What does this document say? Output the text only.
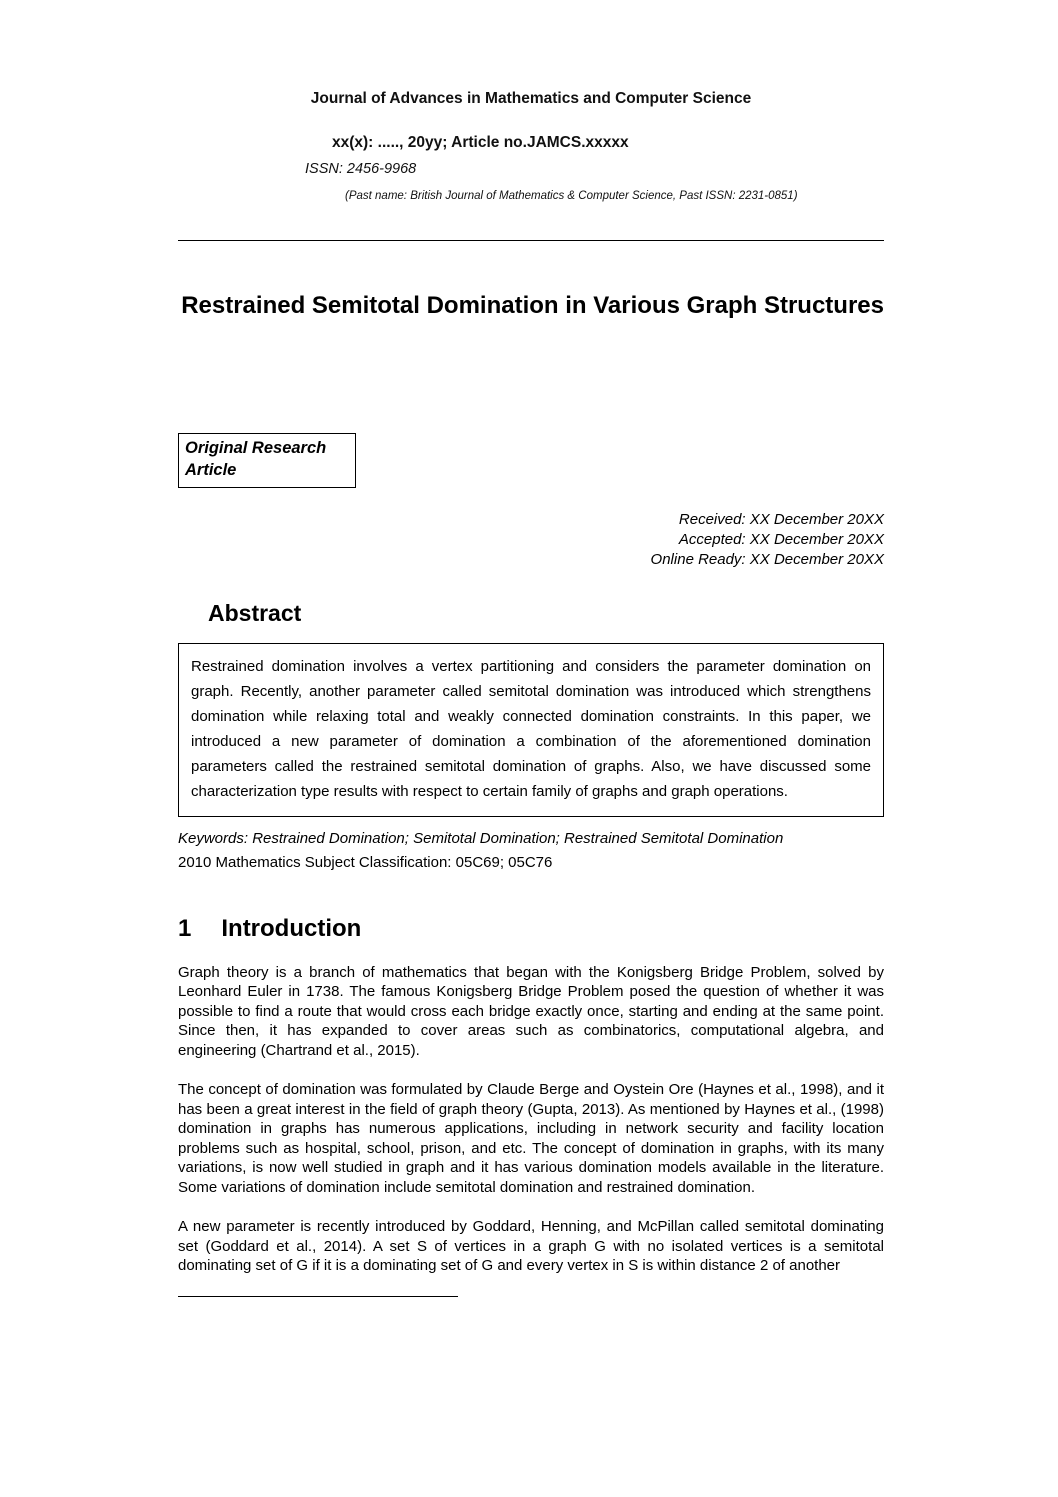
Journal of Advances in Mathematics and Computer Science
xx(x): ....., 20yy; Article no.JAMCS.xxxxx
ISSN: 2456-9968
(Past name: British Journal of Mathematics & Computer Science, Past ISSN: 2231-0851)
Restrained Semitotal Domination in Various Graph Structures
Original Research Article
Received: XX December 20XX
Accepted: XX December 20XX
Online Ready: XX December 20XX
Abstract
Restrained domination involves a vertex partitioning and considers the parameter domination on graph. Recently, another parameter called semitotal domination was introduced which strengthens domination while relaxing total and weakly connected domination constraints. In this paper, we introduced a new parameter of domination a combination of the aforementioned domination parameters called the restrained semitotal domination of graphs. Also, we have discussed some characterization type results with respect to certain family of graphs and graph operations.
Keywords: Restrained Domination; Semitotal Domination; Restrained Semitotal Domination
2010 Mathematics Subject Classification: 05C69; 05C76
1 Introduction

Graph theory is a branch of mathematics that began with the Konigsberg Bridge Problem, solved by Leonhard Euler in 1738. The famous Konigsberg Bridge Problem posed the question of whether it was possible to find a route that would cross each bridge exactly once, starting and ending at the same point. Since then, it has expanded to cover areas such as combinatorics, computational algebra, and engineering (Chartrand et al., 2015).

The concept of domination was formulated by Claude Berge and Oystein Ore (Haynes et al., 1998), and it has been a great interest in the field of graph theory (Gupta, 2013). As mentioned by Haynes et al., (1998) domination in graphs has numerous applications, including in network security and facility location problems such as hospital, school, prison, and etc. The concept of domination in graphs, with its many variations, is now well studied in graph and it has various domination models available in the literature. Some variations of domination include semitotal domination and restrained domination.

A new parameter is recently introduced by Goddard, Henning, and McPillan called semitotal dominating set (Goddard et al., 2014). A set S of vertices in a graph G with no isolated vertices is a semitotal dominating set of G if it is a dominating set of G and every vertex in S is within distance 2 of another
